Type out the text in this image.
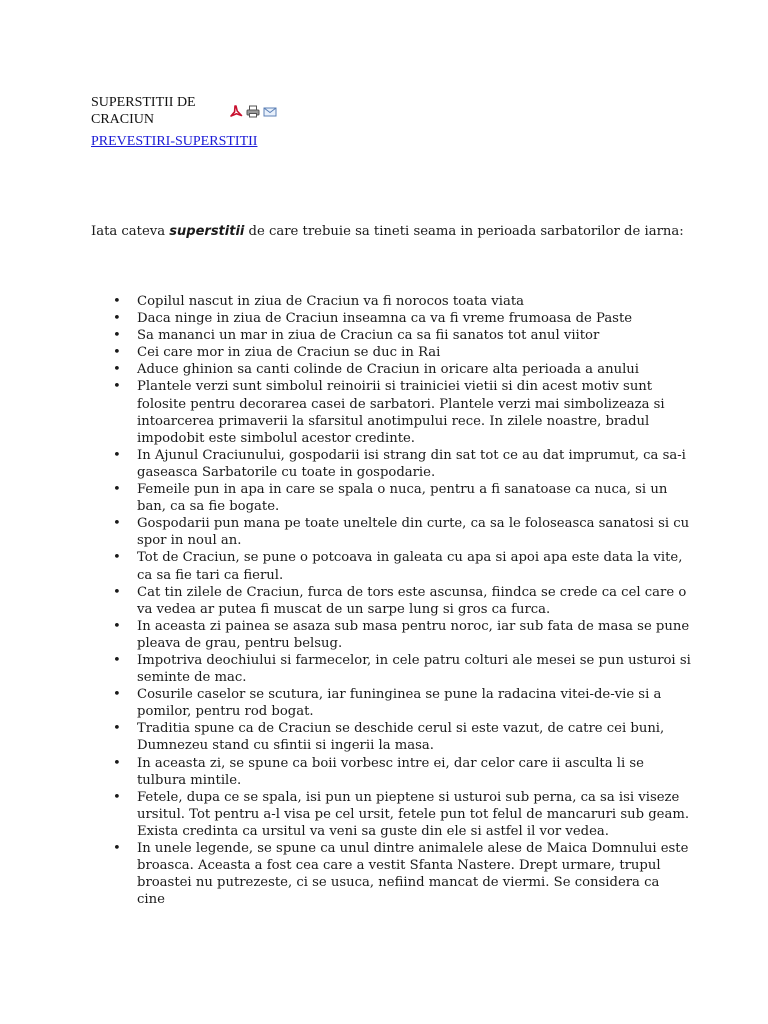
SUPERSTITII DE CRACIUN
PREVESTIRI-SUPERSTITII
Iata cateva superstitii de care trebuie sa tineti seama in perioada sarbatorilor de iarna:
• Copilul nascut in ziua de Craciun va fi norocos toata viata
• Daca ninge in ziua de Craciun inseamna ca va fi vreme frumoasa de Paste
• Sa mananci un mar in ziua de Craciun ca sa fii sanatos tot anul viitor
• Cei care mor in ziua de Craciun se duc in Rai
• Aduce ghinion sa canti colinde de Craciun in oricare alta perioada a anului
• Plantele verzi sunt simbolul reinoirii si trainiciei vietii si din acest motiv sunt folosite pentru decorarea casei de sarbatori. Plantele verzi mai simbolizeaza si intoarcerea primaverii la sfarsitul anotimpului rece. In zilele noastre, bradul impodobit este simbolul acestor credinte.
• In Ajunul Craciunului, gospodarii isi strang din sat tot ce au dat imprumut, ca sa-i gaseasca Sarbatorile cu toate in gospodarie.
• Femeile pun in apa in care se spala o nuca, pentru a fi sanatoase ca nuca, si un ban, ca sa fie bogate.
• Gospodarii pun mana pe toate uneltele din curte, ca sa le foloseasca sanatosi si cu spor in noul an.
• Tot de Craciun, se pune o potcoava in galeata cu apa si apoi apa este data la vite, ca sa fie tari ca fierul.
• Cat tin zilele de Craciun, furca de tors este ascunsa, fiindca se crede ca cel care o va vedea ar putea fi muscat de un sarpe lung si gros ca furca.
• In aceasta zi painea se asaza sub masa pentru noroc, iar sub fata de masa se pune pleava de grau, pentru belsug.
• Impotriva deochiului si farmecelor, in cele patru colturi ale mesei se pun usturoi si seminte de mac.
• Cosurile caselor se scutura, iar funinginea se pune la radacina vitei-de-vie si a pomilor, pentru rod bogat.
• Traditia spune ca de Craciun se deschide cerul si este vazut, de catre cei buni, Dumnezeu stand cu sfintii si ingerii la masa.
• In aceasta zi, se spune ca boii vorbesc intre ei, dar celor care ii asculta li se tulbura mintile.
• Fetele, dupa ce se spala, isi pun un pieptene si usturoi sub perna, ca sa isi viseze ursitul. Tot pentru a-l visa pe cel ursit, fetele pun tot felul de mancaruri sub geam. Exista credinta ca ursitul va veni sa guste din ele si astfel il vor vedea.
• In unele legende, se spune ca unul dintre animalele alese de Maica Domnului este broasca. Aceasta a fost cea care a vestit Sfanta Nastere. Drept urmare, trupul broastei nu putrezeste, ci se usuca, nefiind mancat de viermi. Se considera ca cine
